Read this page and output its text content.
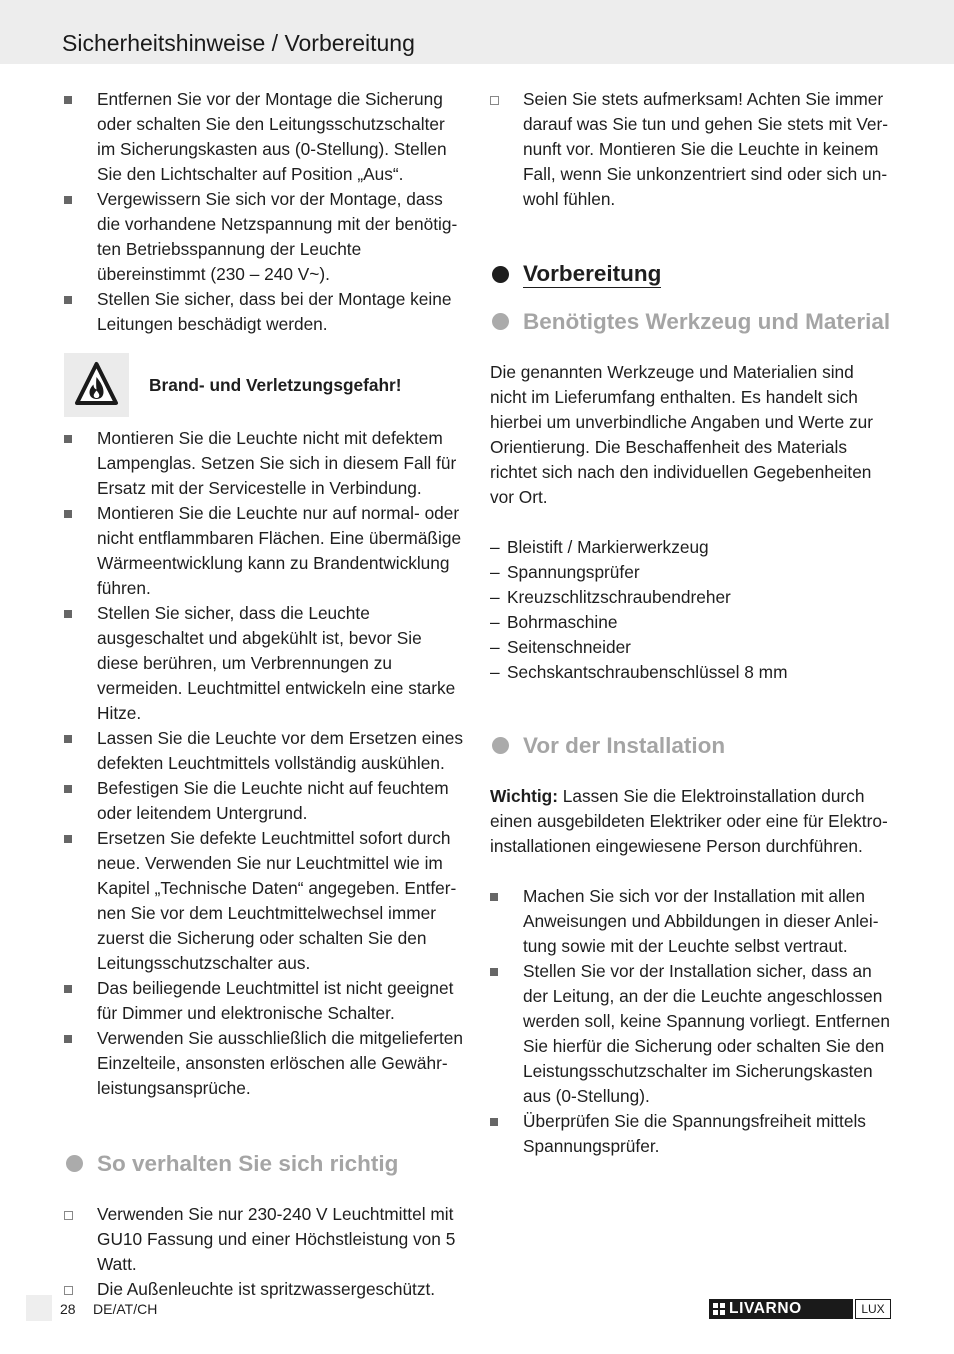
Sicherheitshinweise / Vorbereitung
Entfernen Sie vor der Montage die Sicherung oder schalten Sie den Leitungsschutzschalter im Sicherungskasten aus (0-Stellung). Stellen Sie den Lichtschalter auf Position „Aus“.
Vergewissern Sie sich vor der Montage, dass die vorhandene Netzspannung mit der benötigten Betriebsspannung der Leuchte übereinstimmt (230 – 240 V~).
Stellen Sie sicher, dass bei der Montage keine Leitungen beschädigt werden.
Brand- und Verletzungsgefahr!
Montieren Sie die Leuchte nicht mit defektem Lampenglas. Setzen Sie sich in diesem Fall für Ersatz mit der Servicestelle in Verbindung.
Montieren Sie die Leuchte nur auf normal- oder nicht entflammbaren Flächen. Eine übermäßige Wärmeentwicklung kann zu Brandentwicklung führen.
Stellen Sie sicher, dass die Leuchte ausgeschaltet und abgekühlt ist, bevor Sie diese berühren, um Verbrennungen zu vermeiden. Leuchtmittel entwickeln eine starke Hitze.
Lassen Sie die Leuchte vor dem Ersetzen eines defekten Leuchtmittels vollständig auskühlen.
Befestigen Sie die Leuchte nicht auf feuchtem oder leitendem Untergrund.
Ersetzen Sie defekte Leuchtmittel sofort durch neue. Verwenden Sie nur Leuchtmittel wie im Kapitel „Technische Daten“ angegeben. Entfernen Sie vor dem Leuchtmittelwechsel immer zuerst die Sicherung oder schalten Sie den Leitungsschutzschalter aus.
Das beiliegende Leuchtmittel ist nicht geeignet für Dimmer und elektronische Schalter.
Verwenden Sie ausschließlich die mitgelieferten Einzelteile, ansonsten erlöschen alle Gewährleistungsansprüche.
So verhalten Sie sich richtig
Verwenden Sie nur 230-240 V Leuchtmittel mit GU10 Fassung und einer Höchstleistung von 5 Watt.
Die Außenleuchte ist spritzwassergeschützt.
Seien Sie stets aufmerksam! Achten Sie immer darauf was Sie tun und gehen Sie stets mit Vernunft vor. Montieren Sie die Leuchte in keinem Fall, wenn Sie unkonzentriert sind oder sich unwohl fühlen.
Vorbereitung
Benötigtes Werkzeug und Material

Die genannten Werkzeuge und Materialien sind nicht im Lieferumfang enthalten. Es handelt sich hierbei um unverbindliche Angaben und Werte zur Orientierung. Die Beschaffenheit des Materials richtet sich nach den individuellen Gegebenheiten vor Ort.

– Bleistift / Markierwerkzeug
– Spannungsprüfer
– Kreuzschlitzschraubendreher
– Bohrmaschine
– Seitenschneider
– Sechskantschraubenschlüssel 8 mm
Vor der Installation

Wichtig: Lassen Sie die Elektroinstallation durch einen ausgebildeten Elektriker oder eine für Elektroinstallationen eingewiesene Person durchführen.

Machen Sie sich vor der Installation mit allen Anweisungen und Abbildungen in dieser Anleitung sowie mit der Leuchte selbst vertraut.
Stellen Sie vor der Installation sicher, dass an der Leitung, an der die Leuchte angeschlossen werden soll, keine Spannung vorliegt. Entfernen Sie hierfür die Sicherung oder schalten Sie den Leistungsschutzschalter im Sicherungskasten aus (0-Stellung).
Überprüfen Sie die Spannungsfreiheit mittels Spannungsprüfer.
28 DE/AT/CH	LIVARNO	LUX
